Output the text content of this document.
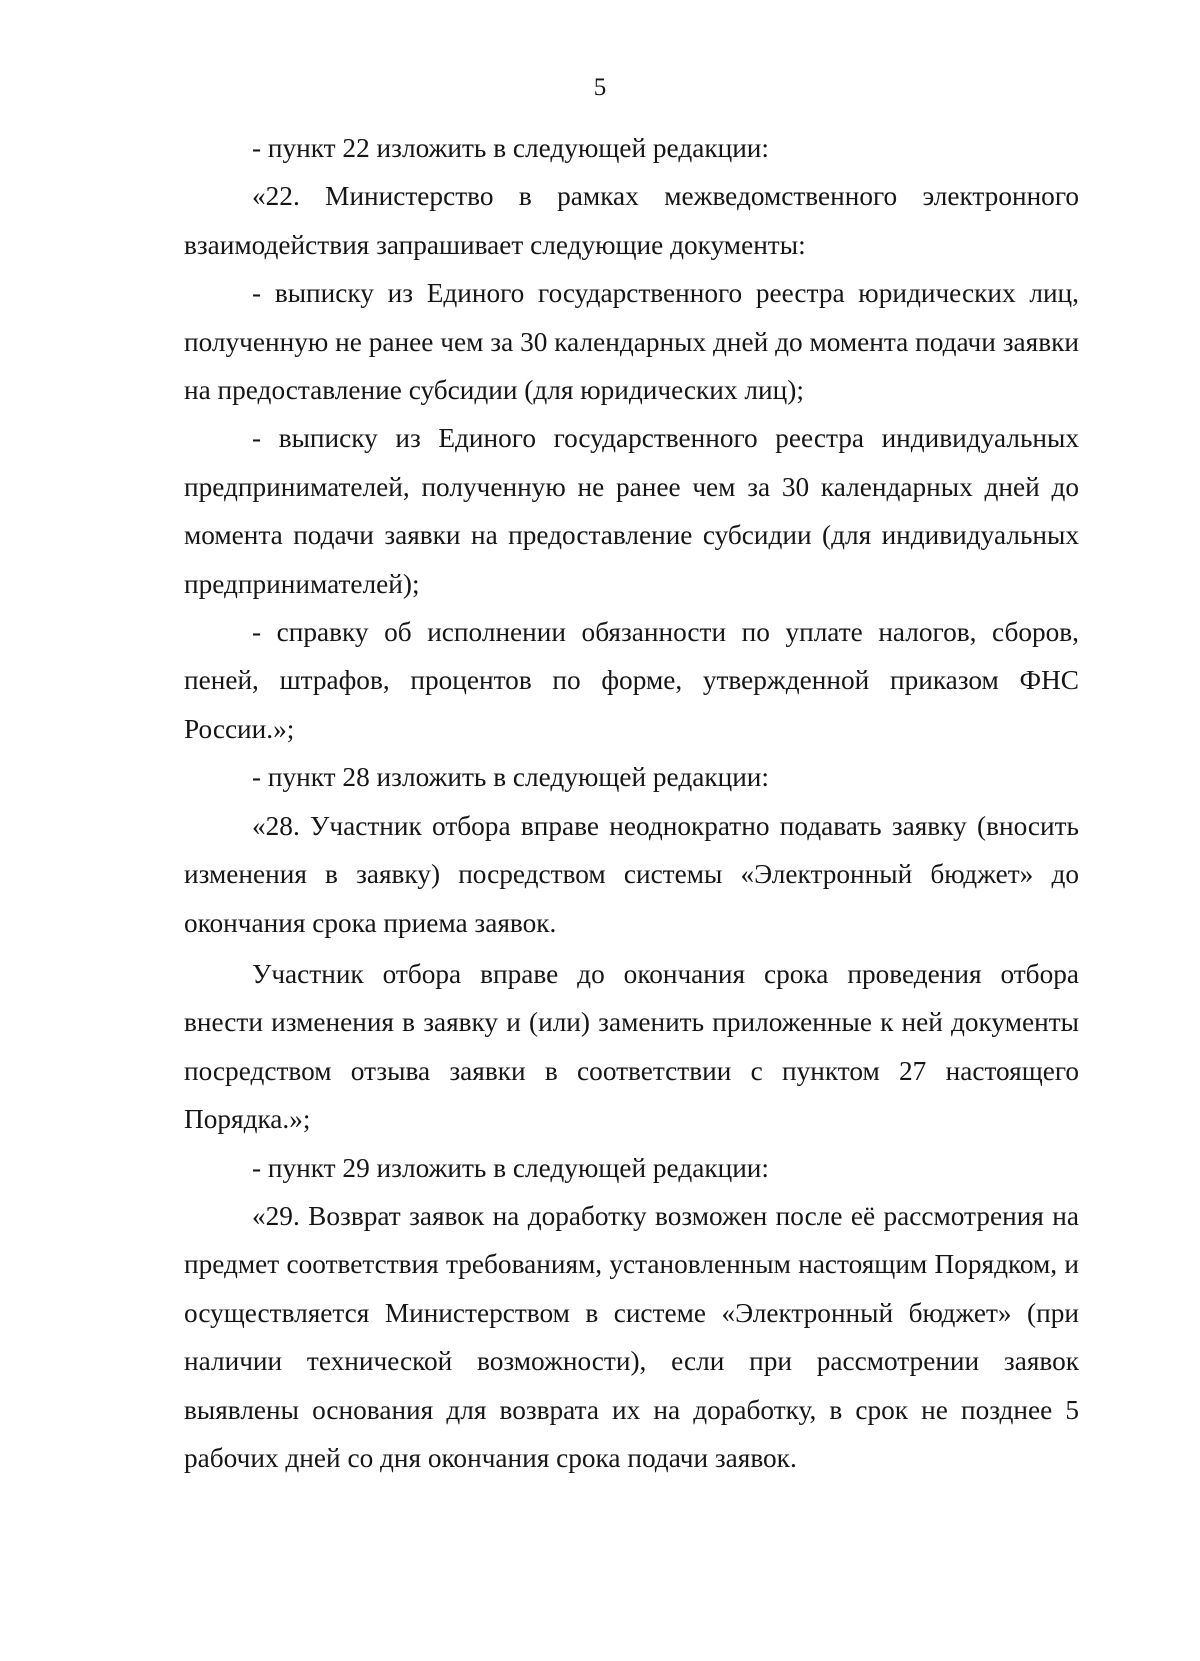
5

- пункт 22 изложить в следующей редакции:

«22. Министерство в рамках межведомственного электронного взаимодействия запрашивает следующие документы:

- выписку из Единого государственного реестра юридических лиц, полученную не ранее чем за 30 календарных дней до момента подачи заявки на предоставление субсидии (для юридических лиц);

- выписку из Единого государственного реестра индивидуальных предпринимателей, полученную не ранее чем за 30 календарных дней до момента подачи заявки на предоставление субсидии (для индивидуальных предпринимателей);

- справку об исполнении обязанности по уплате налогов, сборов, пеней, штрафов, процентов по форме, утвержденной приказом ФНС России.»;

- пункт 28 изложить в следующей редакции:

«28. Участник отбора вправе неоднократно подавать заявку (вносить изменения в заявку) посредством системы «Электронный бюджет» до окончания срока приема заявок.

Участник отбора вправе до окончания срока проведения отбора внести изменения в заявку и (или) заменить приложенные к ней документы посредством отзыва заявки в соответствии с пунктом 27 настоящего Порядка.»;

- пункт 29 изложить в следующей редакции:

«29. Возврат заявок на доработку возможен после её рассмотрения на предмет соответствия требованиям, установленным настоящим Порядком, и осуществляется Министерством в системе «Электронный бюджет» (при наличии технической возможности), если при рассмотрении заявок выявлены основания для возврата их на доработку, в срок не позднее 5 рабочих дней со дня окончания срока подачи заявок.
